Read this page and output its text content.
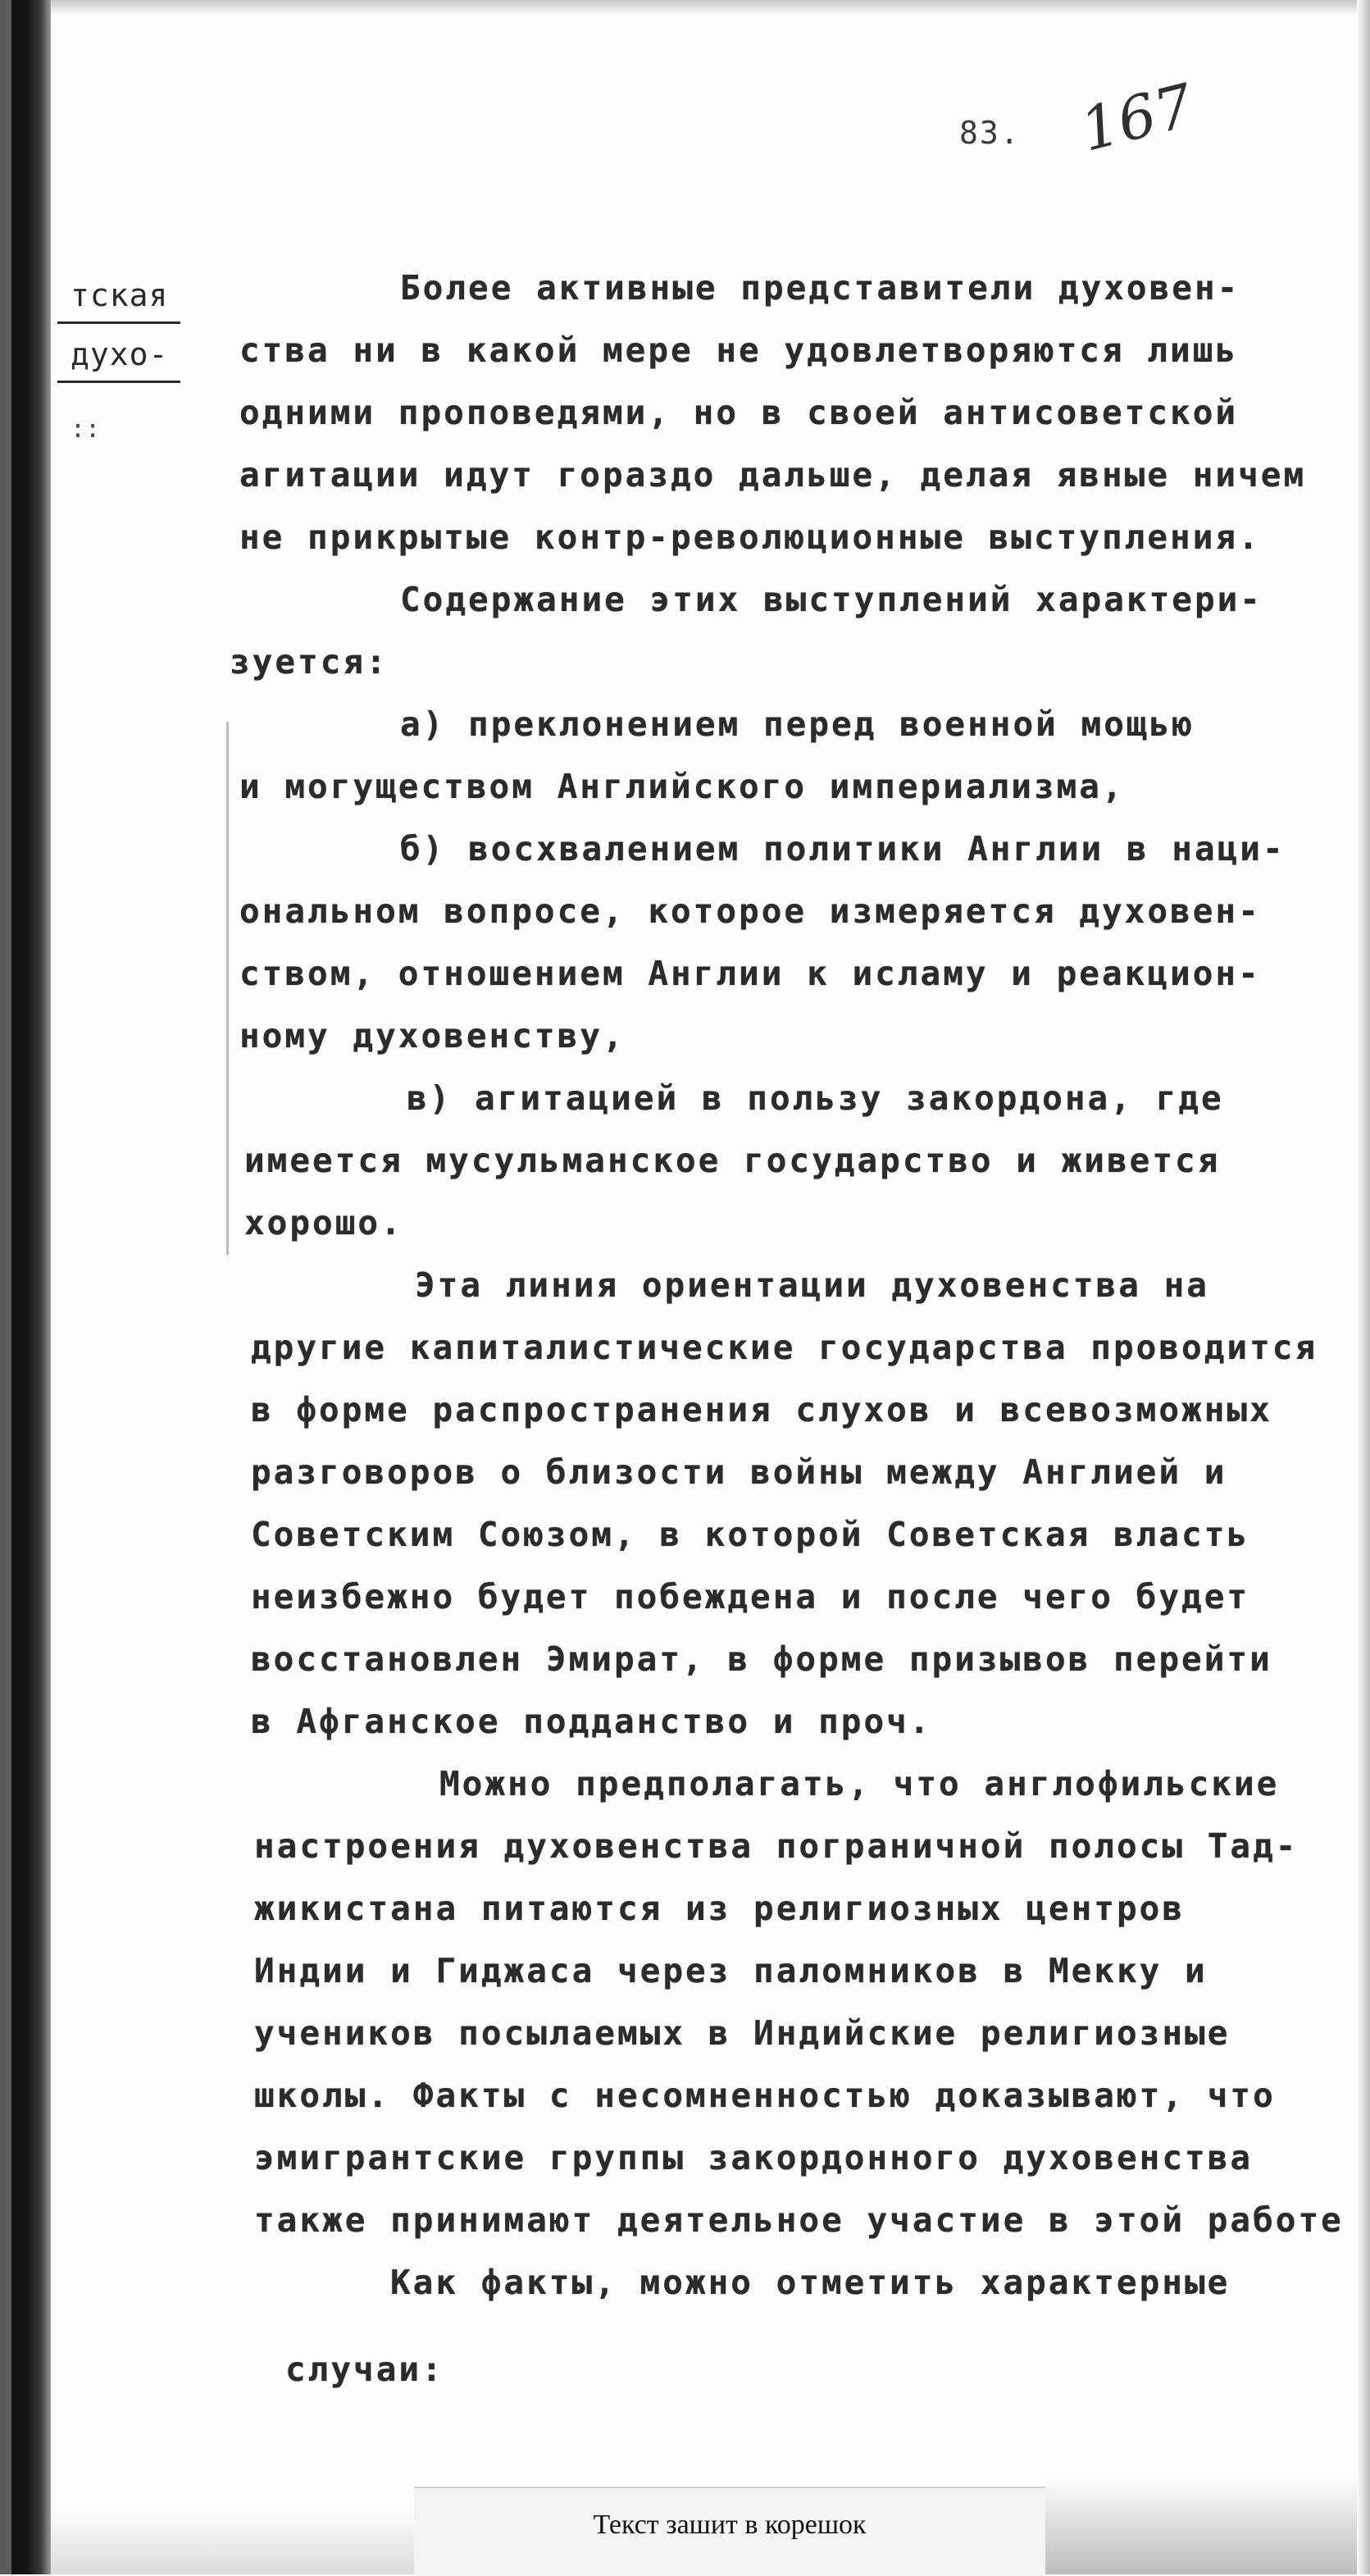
83. 167
тская
духо-
::
Более активные представители духовен-
ства ни в какой мере не удовлетворяются лишь
одними проповедями, но в своей антисоветской
агитации идут гораздо дальше, делая явные ничем
не прикрытые контр-революционные выступления.
Содержание этих выступлений характери-
зуется:
а) преклонением перед военной мощью
и могуществом Английского империализма,
б) восхвалением политики Англии в наци-
ональном вопросе, которое измеряется духовен-
ством, отношением Англии к исламу и реакцион-
ному духовенству,
в) агитацией в пользу закордона, где
имеется мусульманское государство и живется
хорошо.
Эта линия ориентации духовенства на
другие капиталистические государства проводится
в форме распространения слухов и всевозможных
разговоров о близости войны между Англией и
Советским Союзом, в которой Советская власть
неизбежно будет побеждена и после чего будет
восстановлен Эмират, в форме призывов перейти
в Афганское подданство и проч.
Можно предполагать, что англофильские
настроения духовенства пограничной полосы Тад-
жикистана питаются из религиозных центров
Индии и Гиджаса через паломников в Мекку и
учеников посылаемых в Индийские религиозные
школы. Факты с несомненностью доказывают, что
эмигрантские группы закордонного духовенства
также принимают деятельное участие в этой работе
Как факты, можно отметить характерные
случаи:
Текст зашит в корешок
